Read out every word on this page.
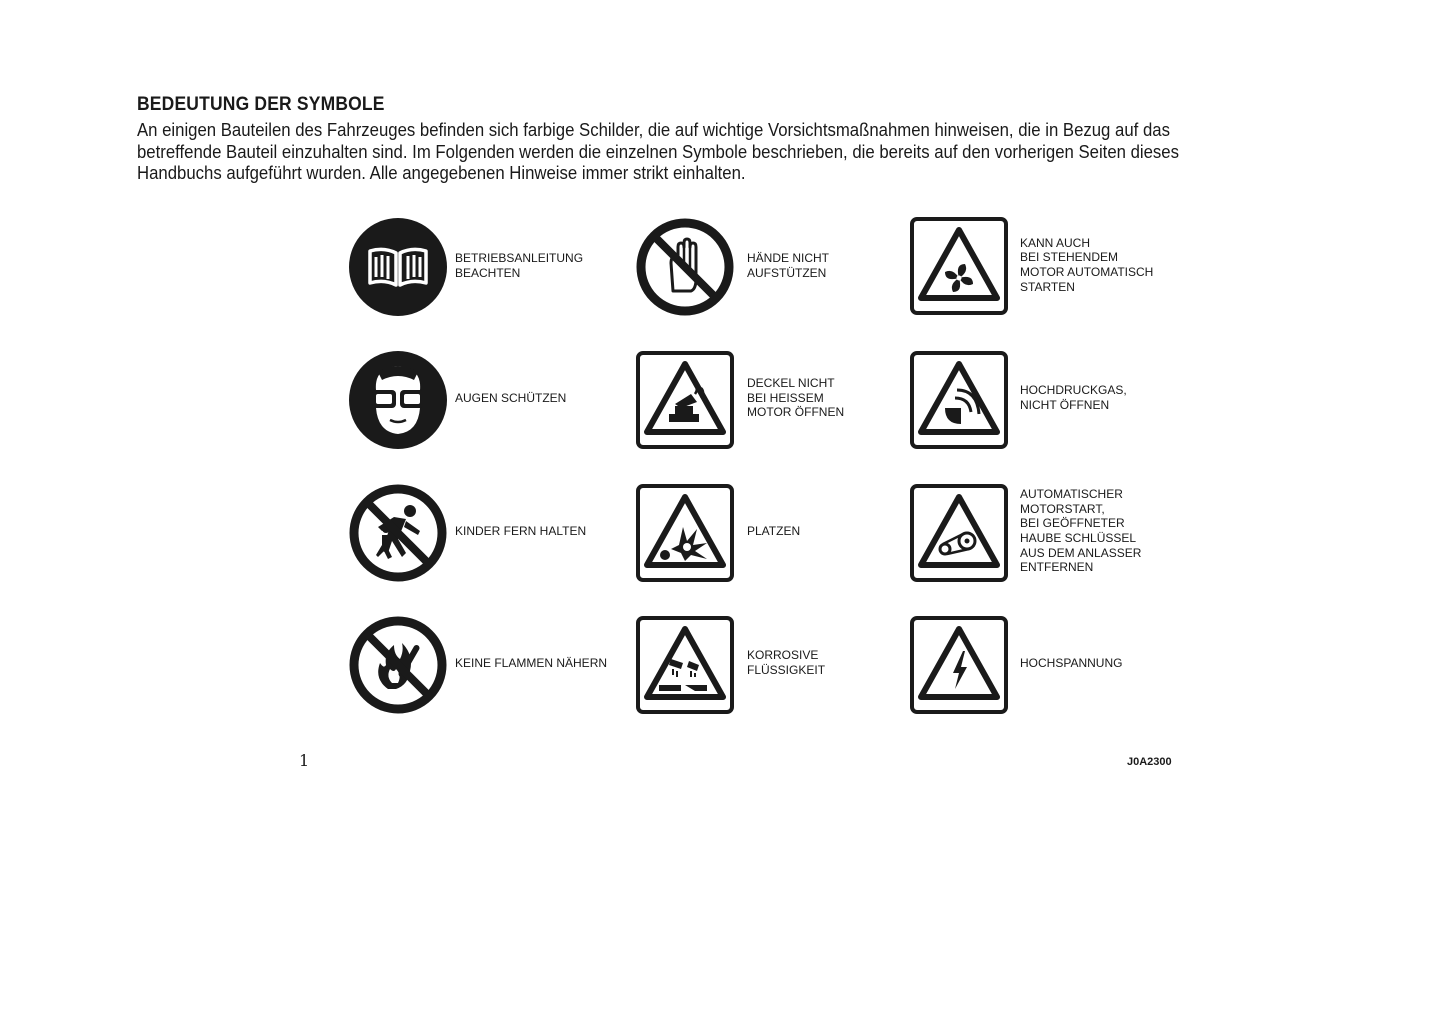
BEDEUTUNG DER SYMBOLE

An einigen Bauteilen des Fahrzeuges befinden sich farbige Schilder, die auf wichtige Vorsichtsmaßnahmen hinweisen, die in Bezug auf das betreffende Bauteil einzuhalten sind. Im Folgenden werden die einzelnen Symbole beschrieben, die bereits auf den vorherigen Seiten dieses Handbuchs aufgeführt wurden. Alle angegebenen Hinweise immer strikt einhalten.

BETRIEBSANLEITUNG
BEACHTEN
AUGEN SCHÜTZEN
KINDER FERN HALTEN
KEINE FLAMMEN NÄHERN
HÄNDE NICHT
AUFSTÜTZEN
DECKEL NICHT
BEI HEISSEM
MOTOR ÖFFNEN
PLATZEN
KORROSIVE
FLÜSSIGKEIT
KANN AUCH
BEI STEHENDEM
MOTOR AUTOMATISCH
STARTEN
HOCHDRUCKGAS,
NICHT ÖFFNEN
AUTOMATISCHER
MOTORSTART,
BEI GEÖFFNETER
HAUBE SCHLÜSSEL
AUS DEM ANLASSER
ENTFERNEN
HOCHSPANNUNG
1	J0A2300
